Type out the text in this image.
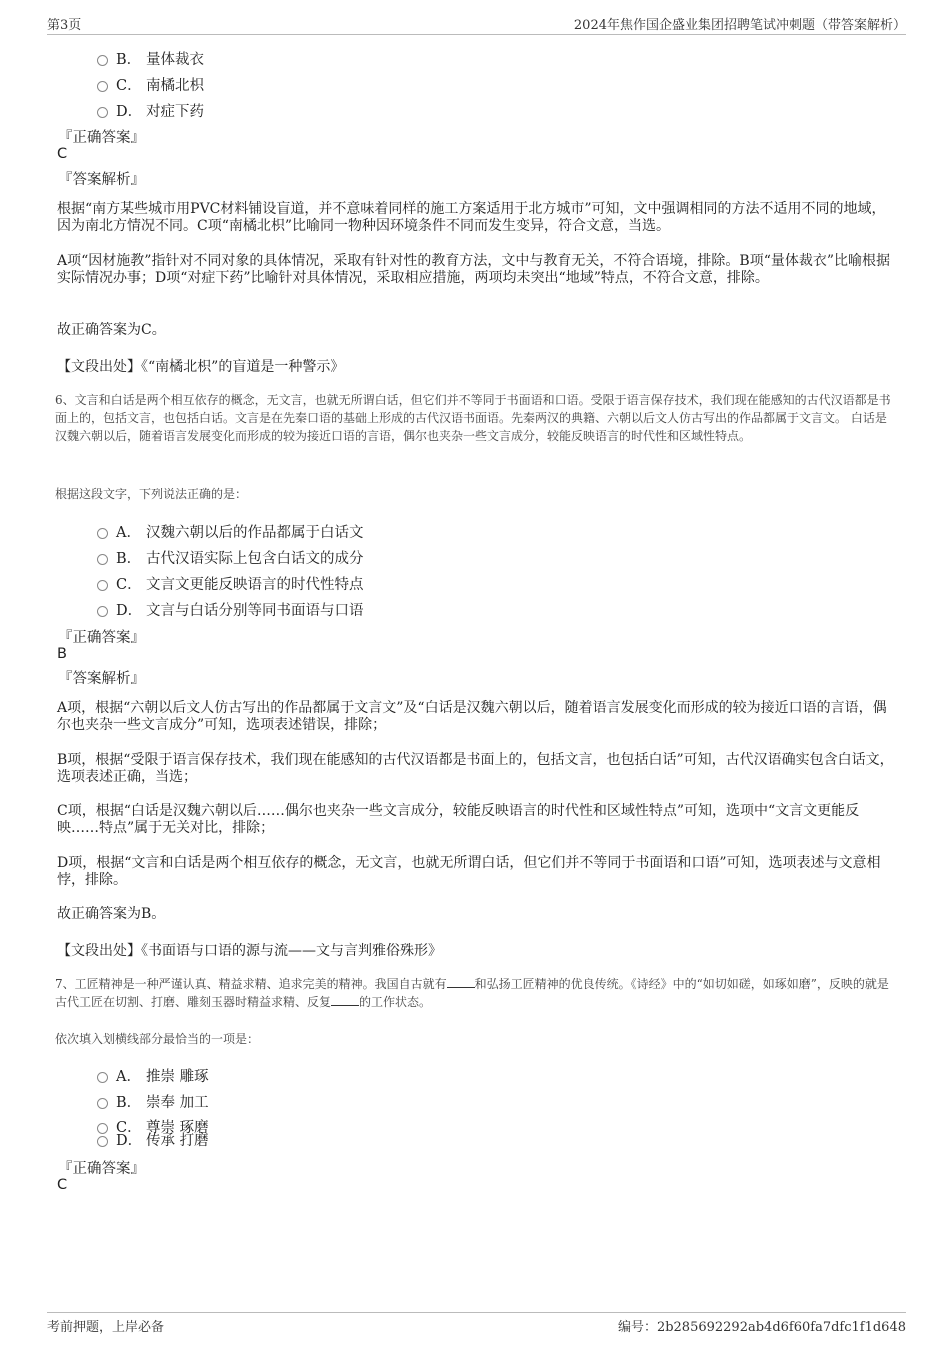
第3页	2024年焦作国企盛业集团招聘笔试冲刺题（带答案解析）
B． 量体裁衣
C． 南橘北枳
D． 对症下药
『正确答案』
C
『答案解析』
根据“南方某些城市用PVC材料铺设盲道，并不意味着同样的施工方案适用于北方城市”可知，文中强调相同的方法不适用不同的地域，因为南北方情况不同。C项“南橘北枳”比喻同一物种因环境条件不同而发生变异，符合文意，当选。
A项“因材施教”指针对不同对象的具体情况，采取有针对性的教育方法，文中与教育无关，不符合语境，排除。B项“量体裁衣”比喻根据实际情况办事；D项“对症下药”比喻针对具体情况，采取相应措施，两项均未突出“地域”特点，不符合文意，排除。
故正确答案为C。
【文段出处】《“南橘北枳”的盲道是一种警示》
6、文言和白话是两个相互依存的概念，无文言，也就无所谓白话，但它们并不等同于书面语和口语。受限于语言保存技术，我们现在能感知的古代汉语都是书面上的，包括文言，也包括白话。文言是在先秦口语的基础上形成的古代汉语书面语。先秦两汉的典籍、六朝以后文人仿古写出的作品都属于文言文。 白话是汉魏六朝以后，随着语言发展变化而形成的较为接近口语的言语，偶尔也夹杂一些文言成分，较能反映语言的时代性和区域性特点。
根据这段文字，下列说法正确的是：
A． 汉魏六朝以后的作品都属于白话文
B． 古代汉语实际上包含白话文的成分
C． 文言文更能反映语言的时代性特点
D． 文言与白话分别等同书面语与口语
『正确答案』
B
『答案解析』
A项，根据“六朝以后文人仿古写出的作品都属于文言文”及“白话是汉魏六朝以后，随着语言发展变化而形成的较为接近口语的言语，偶尔也夹杂一些文言成分”可知，选项表述错误，排除；
B项，根据“受限于语言保存技术，我们现在能感知的古代汉语都是书面上的，包括文言，也包括白话”可知，古代汉语确实包含白话文，选项表述正确，当选；
C项，根据“白话是汉魏六朝以后……偶尔也夹杂一些文言成分，较能反映语言的时代性和区域性特点”可知，选项中“文言文更能反映……特点”属于无关对比，排除；
D项，根据“文言和白话是两个相互依存的概念，无文言，也就无所谓白话，但它们并不等同于书面语和口语”可知，选项表述与文意相悖，排除。
故正确答案为B。
【文段出处】《书面语与口语的源与流——文与言判雅俗殊形》
7、工匠精神是一种严谨认真、精益求精、追求完美的精神。我国自古就有 和弘扬工匠精神的优良传统。《诗经》中的“如切如磋，如琢如磨”，反映的就是古代工匠在切割、打磨、雕刻玉器时精益求精、反复 的工作状态。
依次填入划横线部分最恰当的一项是：
A． 推崇 雕琢
B． 崇奉 加工
C． 尊崇 琢磨
D． 传承 打磨
『正确答案』
C
考前押题，上岸必备	编号：2b285692292ab4d6f60fa7dfc1f1d648
